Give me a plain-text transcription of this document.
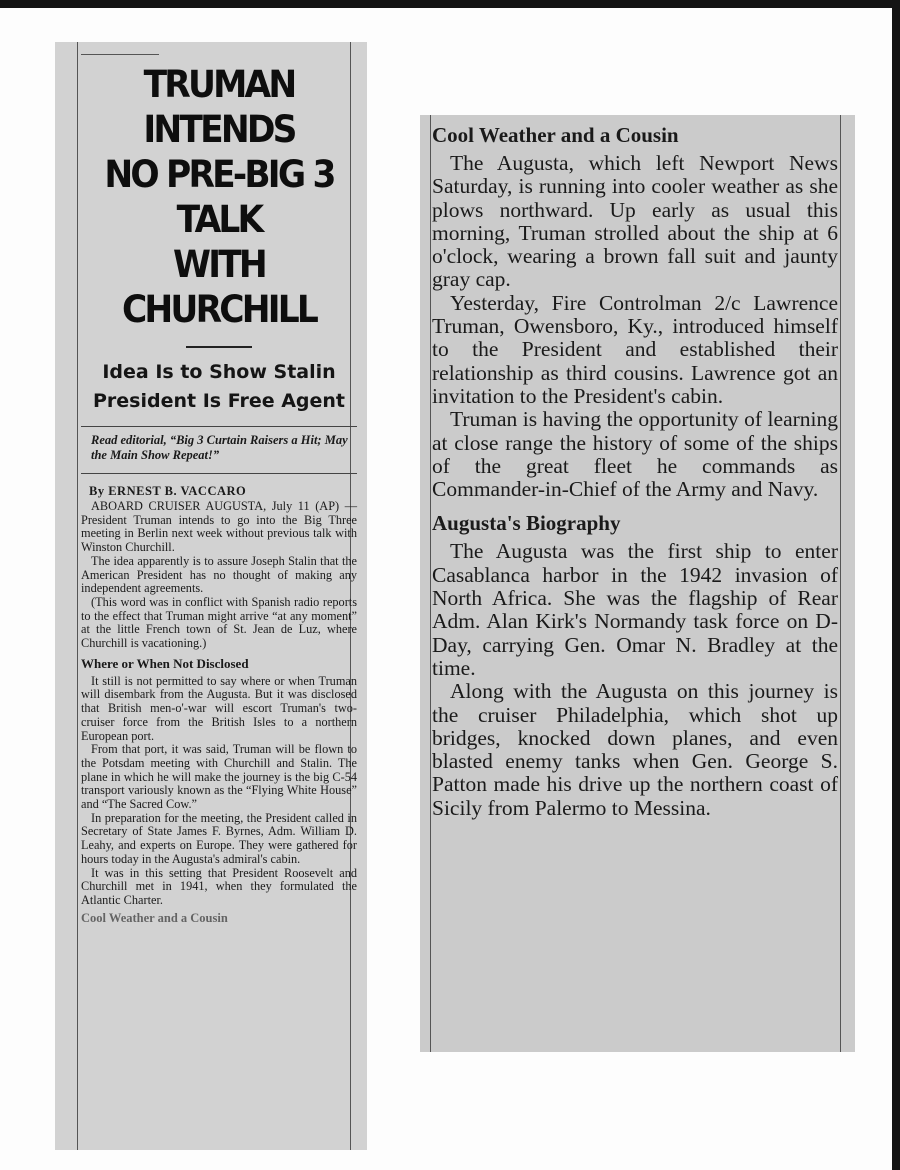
TRUMAN INTENDS
NO PRE-BIG 3 TALK
WITH CHURCHILL
Idea Is to Show Stalin President Is Free Agent
Read editorial, “Big 3 Curtain Raisers a Hit; May the Main Show Repeat!”
By ERNEST B. VACCARO

ABOARD CRUISER AUGUSTA, July 11 (AP) — President Truman intends to go into the Big Three meeting in Berlin next week without previous talk with Winston Churchill.

The idea apparently is to assure Joseph Stalin that the American President has no thought of making any independent agreements.

(This word was in conflict with Spanish radio reports to the effect that Truman might arrive “at any moment” at the little French town of St. Jean de Luz, where Churchill is vacationing.)

Where or When Not Disclosed

It still is not permitted to say where or when Truman will disembark from the Augusta. But it was disclosed that British men-o'-war will escort Truman's two-cruiser force from the British Isles to a northern European port.

From that port, it was said, Truman will be flown to the Potsdam meeting with Churchill and Stalin. The plane in which he will make the journey is the big C-54 transport variously known as the “Flying White House” and “The Sacred Cow.”

In preparation for the meeting, the President called in Secretary of State James F. Byrnes, Adm. William D. Leahy, and experts on Europe. They were gathered for hours today in the Augusta's admiral's cabin.

It was in this setting that President Roosevelt and Churchill met in 1941, when they formulated the Atlantic Charter.

Cool Weather and a Cousin
Cool Weather and a Cousin

The Augusta, which left Newport News Saturday, is running into cooler weather as she plows northward. Up early as usual this morning, Truman strolled about the ship at 6 o'clock, wearing a brown fall suit and jaunty gray cap.

Yesterday, Fire Controlman 2/c Lawrence Truman, Owensboro, Ky., introduced himself to the President and established their relationship as third cousins. Lawrence got an invitation to the President's cabin.

Truman is having the opportunity of learning at close range the history of some of the ships of the great fleet he commands as Commander-in-Chief of the Army and Navy.

Augusta's Biography

The Augusta was the first ship to enter Casablanca harbor in the 1942 invasion of North Africa. She was the flagship of Rear Adm. Alan Kirk's Normandy task force on D-Day, carrying Gen. Omar N. Bradley at the time.

Along with the Augusta on this journey is the cruiser Philadelphia, which shot up bridges, knocked down planes, and even blasted enemy tanks when Gen. George S. Patton made his drive up the northern coast of Sicily from Palermo to Messina.
